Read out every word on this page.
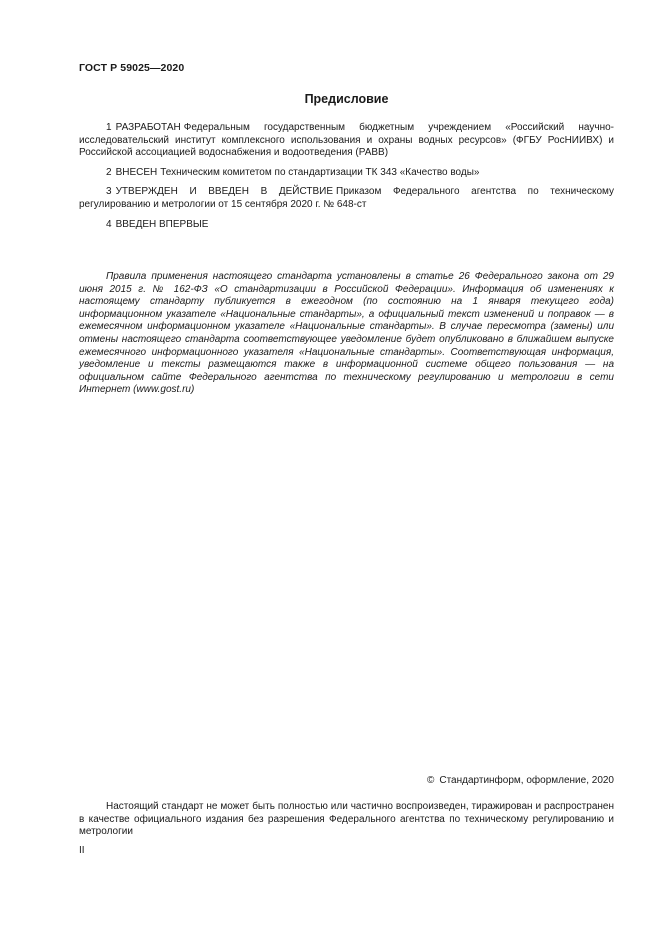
ГОСТ Р 59025—2020
Предисловие

1 РАЗРАБОТАН Федеральным государственным бюджетным учреждением «Российский научно-исследовательский институт комплексного использования и охраны водных ресурсов» (ФГБУ РосНИИВХ) и Российской ассоциацией водоснабжения и водоотведения (РАВВ)

2 ВНЕСЕН Техническим комитетом по стандартизации ТК 343 «Качество воды»

3 УТВЕРЖДЕН И ВВЕДЕН В ДЕЙСТВИЕ Приказом Федерального агентства по техническому регулированию и метрологии от 15 сентября 2020 г. № 648-ст

4 ВВЕДЕН ВПЕРВЫЕ

Правила применения настоящего стандарта установлены в статье 26 Федерального закона от 29 июня 2015 г. № 162-ФЗ «О стандартизации в Российской Федерации». Информация об изменениях к настоящему стандарту публикуется в ежегодном (по состоянию на 1 января текущего года) информационном указателе «Национальные стандарты», а официальный текст изменений и поправок — в ежемесячном информационном указателе «Национальные стандарты». В случае пересмотра (замены) или отмены настоящего стандарта соответствующее уведомление будет опубликовано в ближайшем выпуске ежемесячного информационного указателя «Национальные стандарты». Соответствующая информация, уведомление и тексты размещаются также в информационной системе общего пользования — на официальном сайте Федерального агентства по техническому регулированию и метрологии в сети Интернет (www.gost.ru)

© Стандартинформ, оформление, 2020

Настоящий стандарт не может быть полностью или частично воспроизведен, тиражирован и распространен в качестве официального издания без разрешения Федерального агентства по техническому регулированию и метрологии

II
